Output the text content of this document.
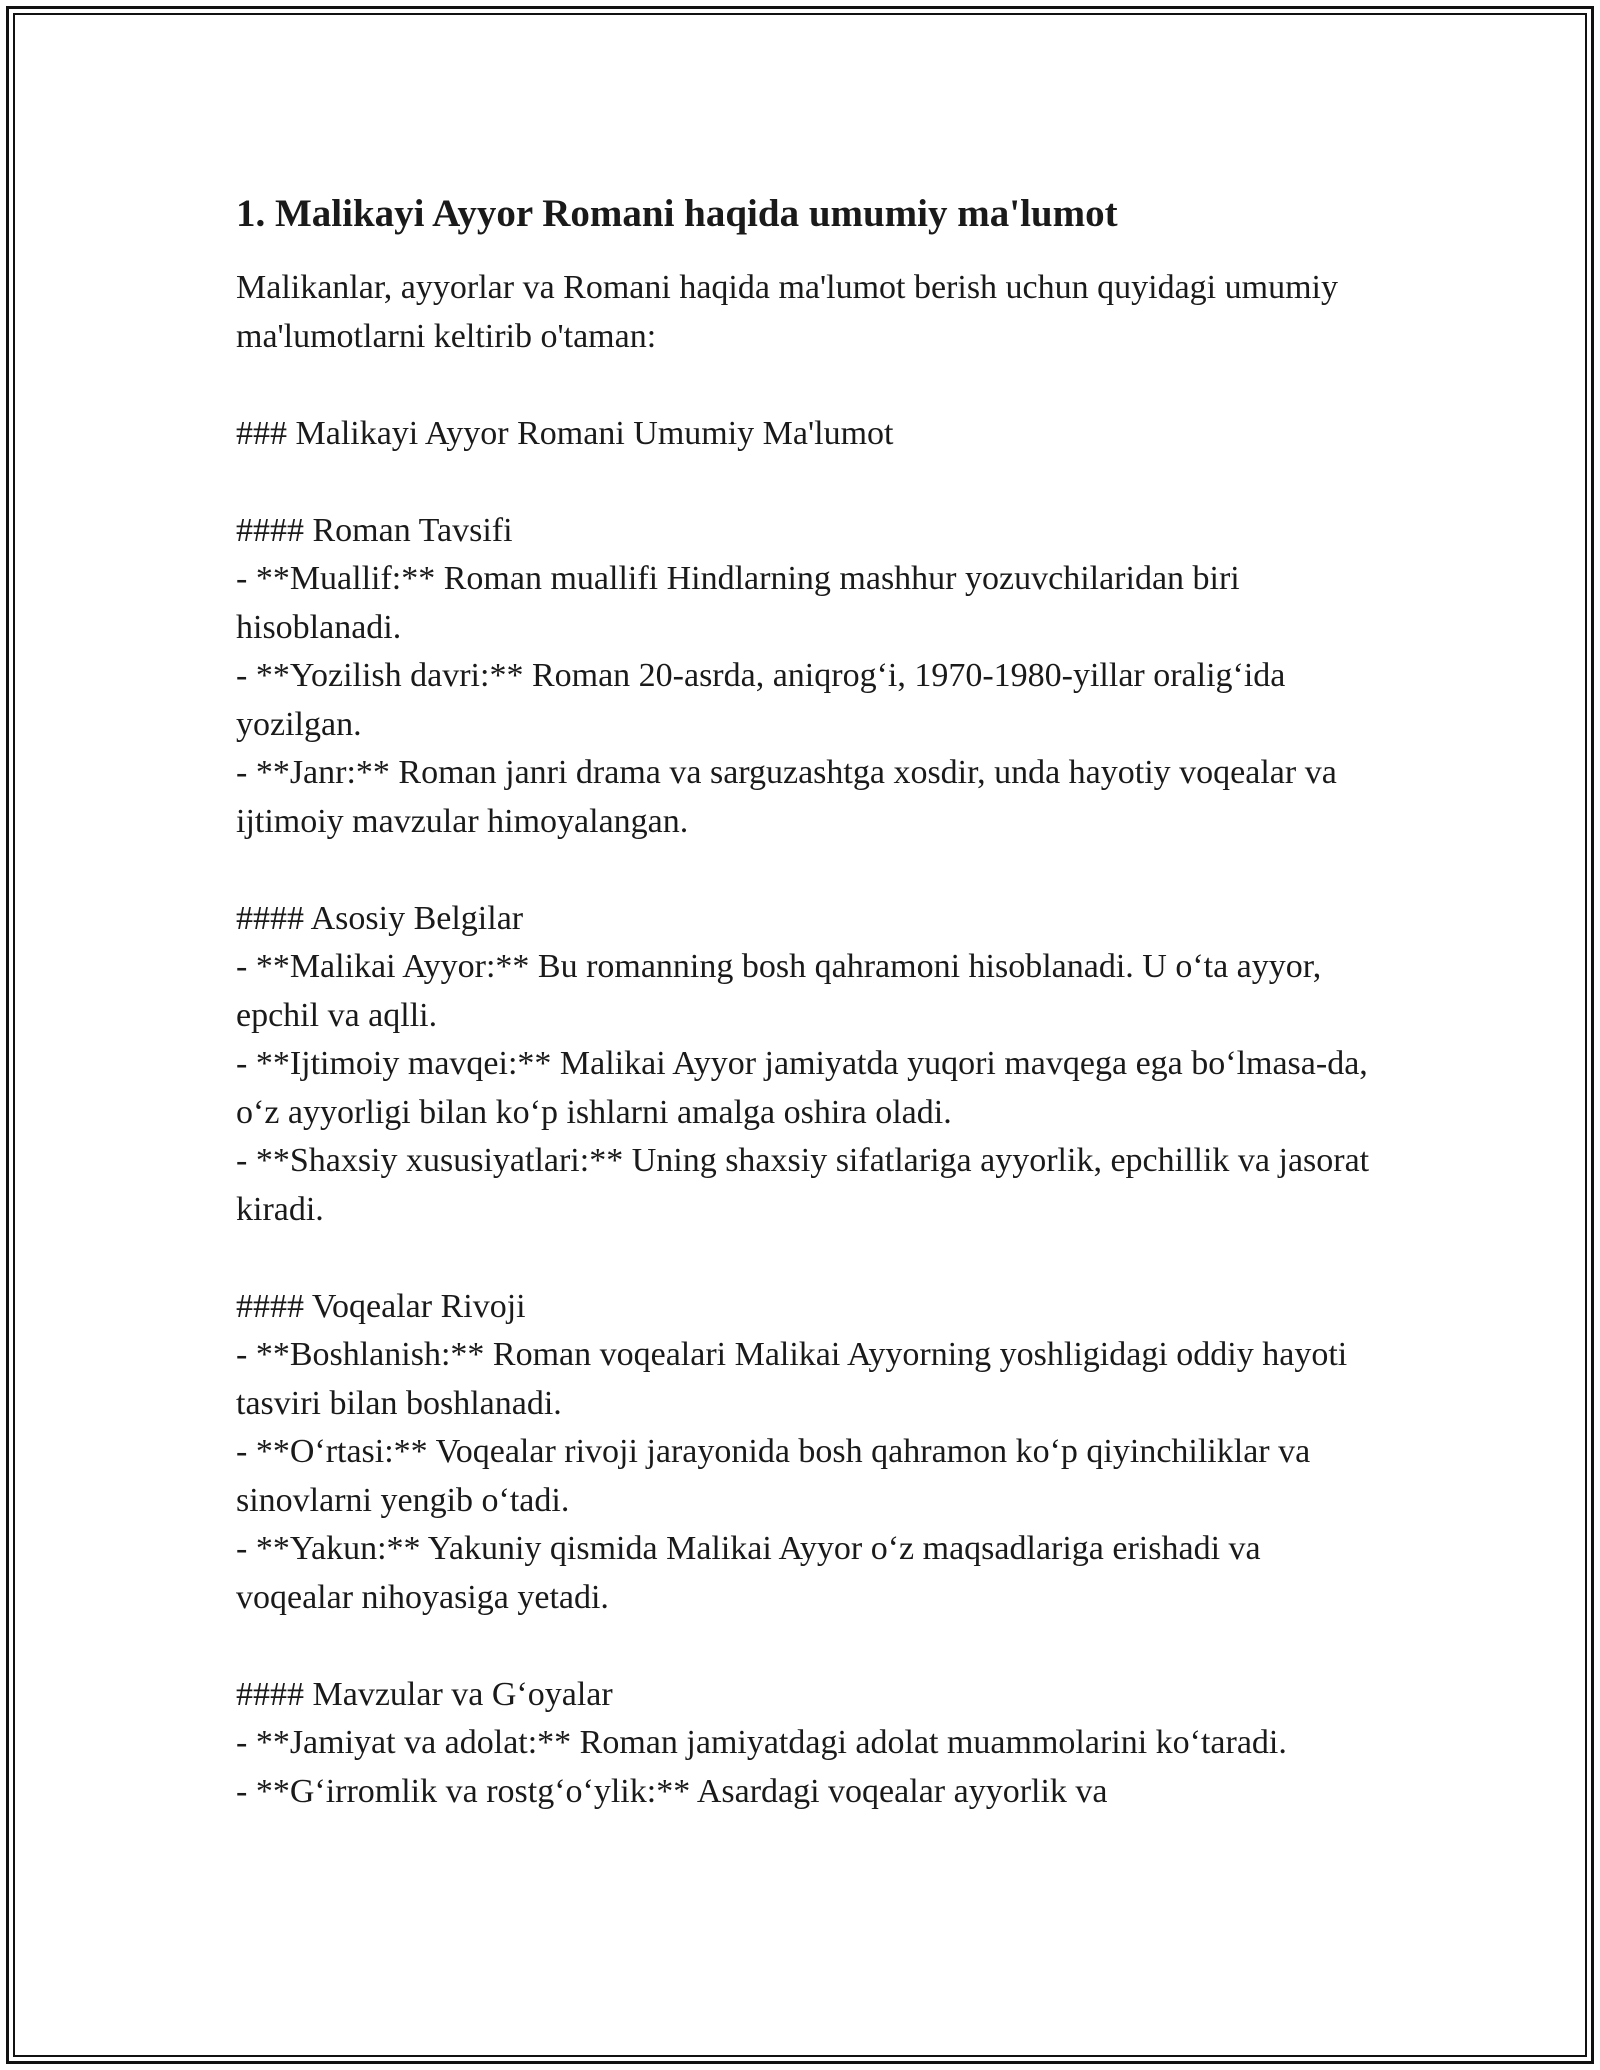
1. Malikayi Ayyor Romani haqida umumiy ma'lumot

Malikanlar, ayyorlar va Romani haqida ma'lumot berish uchun quyidagi umumiy ma'lumotlarni keltirib o'taman:

### Malikayi Ayyor Romani Umumiy Ma'lumot
#### Roman Tavsifi
- **Muallif:** Roman muallifi Hindlarning mashhur yozuvchilaridan biri hisoblanadi.
- **Yozilish davri:** Roman 20-asrda, aniqrog‘i, 1970-1980-yillar oralig‘ida yozilgan.
- **Janr:** Roman janri drama va sarguzashtga xosdir, unda hayotiy voqealar va ijtimoiy mavzular himoyalangan.
#### Asosiy Belgilar
- **Malikai Ayyor:** Bu romanning bosh qahramoni hisoblanadi. U o‘ta ayyor, epchil va aqlli.
- **Ijtimoiy mavqei:** Malikai Ayyor jamiyatda yuqori mavqega ega bo‘lmasa-da, o‘z ayyorligi bilan ko‘p ishlarni amalga oshira oladi.
- **Shaxsiy xususiyatlari:** Uning shaxsiy sifatlariga ayyorlik, epchillik va jasorat kiradi.
#### Voqealar Rivoji
- **Boshlanish:** Roman voqealari Malikai Ayyorning yoshligidagi oddiy hayoti tasviri bilan boshlanadi.
- **O‘rtasi:** Voqealar rivoji jarayonida bosh qahramon ko‘p qiyinchiliklar va sinovlarni yengib o‘tadi.
- **Yakun:** Yakuniy qismida Malikai Ayyor o‘z maqsadlariga erishadi va voqealar nihoyasiga yetadi.
#### Mavzular va G‘oyalar
- **Jamiyat va adolat:** Roman jamiyatdagi adolat muammolarini ko‘taradi.
- **G‘irromlik va rostg‘o‘ylik:** Asardagi voqealar ayyorlik va
